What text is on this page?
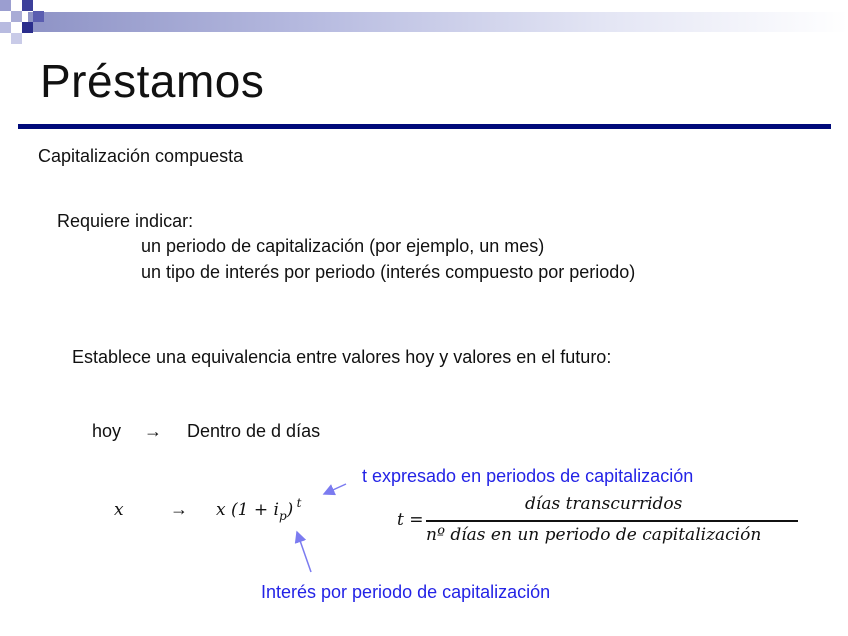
Préstamos
Capitalización compuesta
Requiere indicar:
un periodo de capitalización (por ejemplo, un mes)
un tipo de interés por periodo (interés compuesto por periodo)
Establece una equivalencia entre valores hoy y valores en el futuro:
hoy → Dentro de d días
x	→ x $(1 + i_p)$  $^t$
t expresado en periodos de capitalización
Interés por periodo de capitalización
t =
días transcurridos
nº días en un periodo de capitalización
